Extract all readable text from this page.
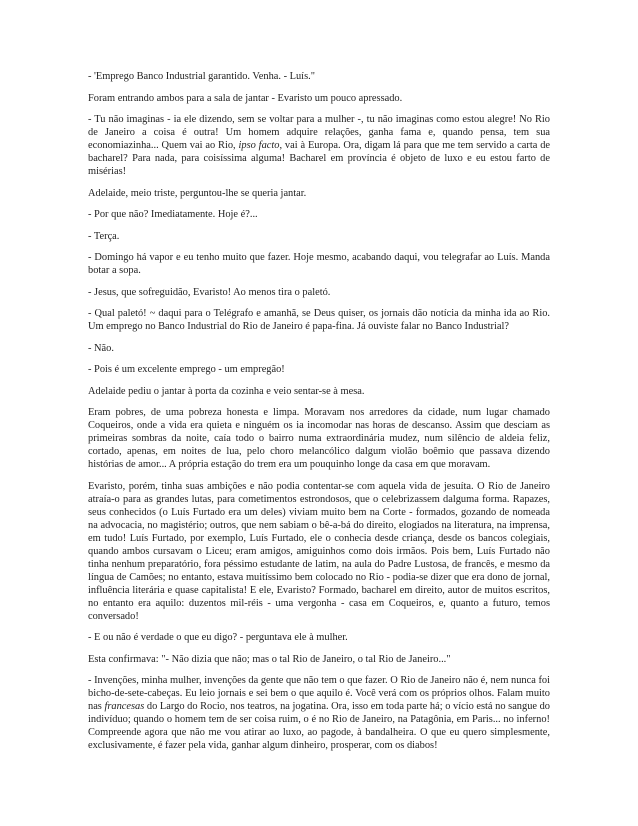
- 'Emprego Banco Industrial garantido. Venha. - Luís."

Foram entrando ambos para a sala de jantar - Evaristo um pouco apressado.

- Tu não imaginas - ia ele dizendo, sem se voltar para a mulher -, tu não imaginas como estou alegre! No Rio de Janeiro a coisa é outra! Um homem adquire relações, ganha fama e, quando pensa, tem sua economiazinha... Quem vai ao Rio, ipso facto, vai à Europa. Ora, digam lá para que me tem servido a carta de bacharel? Para nada, para coisíssima alguma! Bacharel em província é objeto de luxo e eu estou farto de misérias!

Adelaide, meio triste, perguntou-lhe se queria jantar.

- Por que não? Imediatamente. Hoje é?...

- Terça.

- Domingo há vapor e eu tenho muito que fazer. Hoje mesmo, acabando daqui, vou telegrafar ao Luís. Manda botar a sopa.

- Jesus, que sofreguidão, Evaristo! Ao menos tira o paletó.

- Qual paletó! ~ daqui para o Telégrafo e amanhã, se Deus quiser, os jornais dão notícia da minha ida ao Rio. Um emprego no Banco Industrial do Rio de Janeiro é papa-fina. Já ouviste falar no Banco Industrial?

- Não.

- Pois é um excelente emprego - um empregão!

Adelaide pediu o jantar à porta da cozinha e veio sentar-se à mesa.

Eram pobres, de uma pobreza honesta e limpa. Moravam nos arredores da cidade, num lugar chamado Coqueiros, onde a vida era quieta e ninguém os ia incomodar nas horas de descanso. Assim que desciam as primeiras sombras da noite, caía todo o bairro numa extraordinária mudez, num silêncio de aldeia feliz, cortado, apenas, em noites de lua, pelo choro melancólico dalgum violão boêmio que passava dizendo histórias de amor... A própria estação do trem era um pouquinho longe da casa em que moravam.

Evaristo, porém, tinha suas ambições e não podia contentar-se com aquela vida de jesuíta. O Rio de Janeiro atraía-o para as grandes lutas, para cometimentos estrondosos, que o celebrizassem dalguma forma. Rapazes, seus conhecidos (o Luís Furtado era um deles) viviam muito bem na Corte - formados, gozando de nomeada na advocacia, no magistério; outros, que nem sabiam o bê-a-bá do direito, elogiados na literatura, na imprensa, em tudo! Luís Furtado, por exemplo, Luís Furtado, ele o conhecia desde criança, desde os bancos colegiais, quando ambos cursavam o Liceu; eram amigos, amiguinhos como dois irmãos. Pois bem, Luís Furtado não tinha nenhum preparatório, fora péssimo estudante de latim, na aula do Padre Lustosa, de francês, e mesmo da língua de Camões; no entanto, estava muitíssimo bem colocado no Rio - podia-se dizer que era dono de jornal, influência literária e quase capitalista! E ele, Evaristo? Formado, bacharel em direito, autor de muitos escritos, no entanto era aquilo: duzentos mil-réis - uma vergonha - casa em Coqueiros, e, quanto a futuro, temos conversado!

- E ou não é verdade o que eu digo? - perguntava ele à mulher.

Esta confirmava: "- Não dizia que não; mas o tal Rio de Janeiro, o tal Rio de Janeiro..."

- Invenções, minha mulher, invenções da gente que não tem o que fazer. O Rio de Janeiro não é, nem nunca foi bicho-de-sete-cabeças. Eu leio jornais e sei bem o que aquilo é. Você verá com os próprios olhos. Falam muito nas francesas do Largo do Rocio, nos teatros, na jogatina. Ora, isso em toda parte há; o vício está no sangue do indivíduo; quando o homem tem de ser coisa ruim, o é no Rio de Janeiro, na Patagônia, em Paris... no inferno! Compreende agora que não me vou atirar ao luxo, ao pagode, à bandalheira. O que eu quero simplesmente, exclusivamente, é fazer pela vida, ganhar algum dinheiro, prosperar, com os diabos!
